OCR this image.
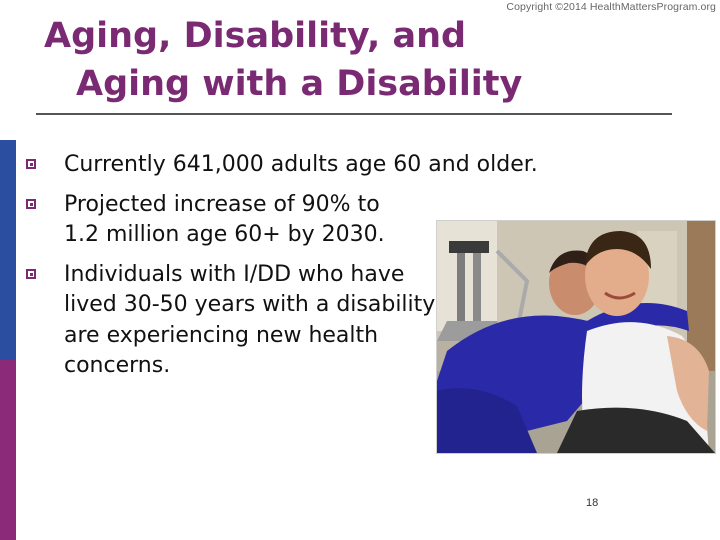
Copyright ©2014 HealthMattersProgram.org
Aging, Disability, and
Aging with a Disability
Currently 641,000 adults age 60 and older.
Projected increase of 90% to 1.2 million age 60+ by 2030.
Individuals with I/DD who have lived 30-50 years with a disability are experiencing new health concerns.
18
